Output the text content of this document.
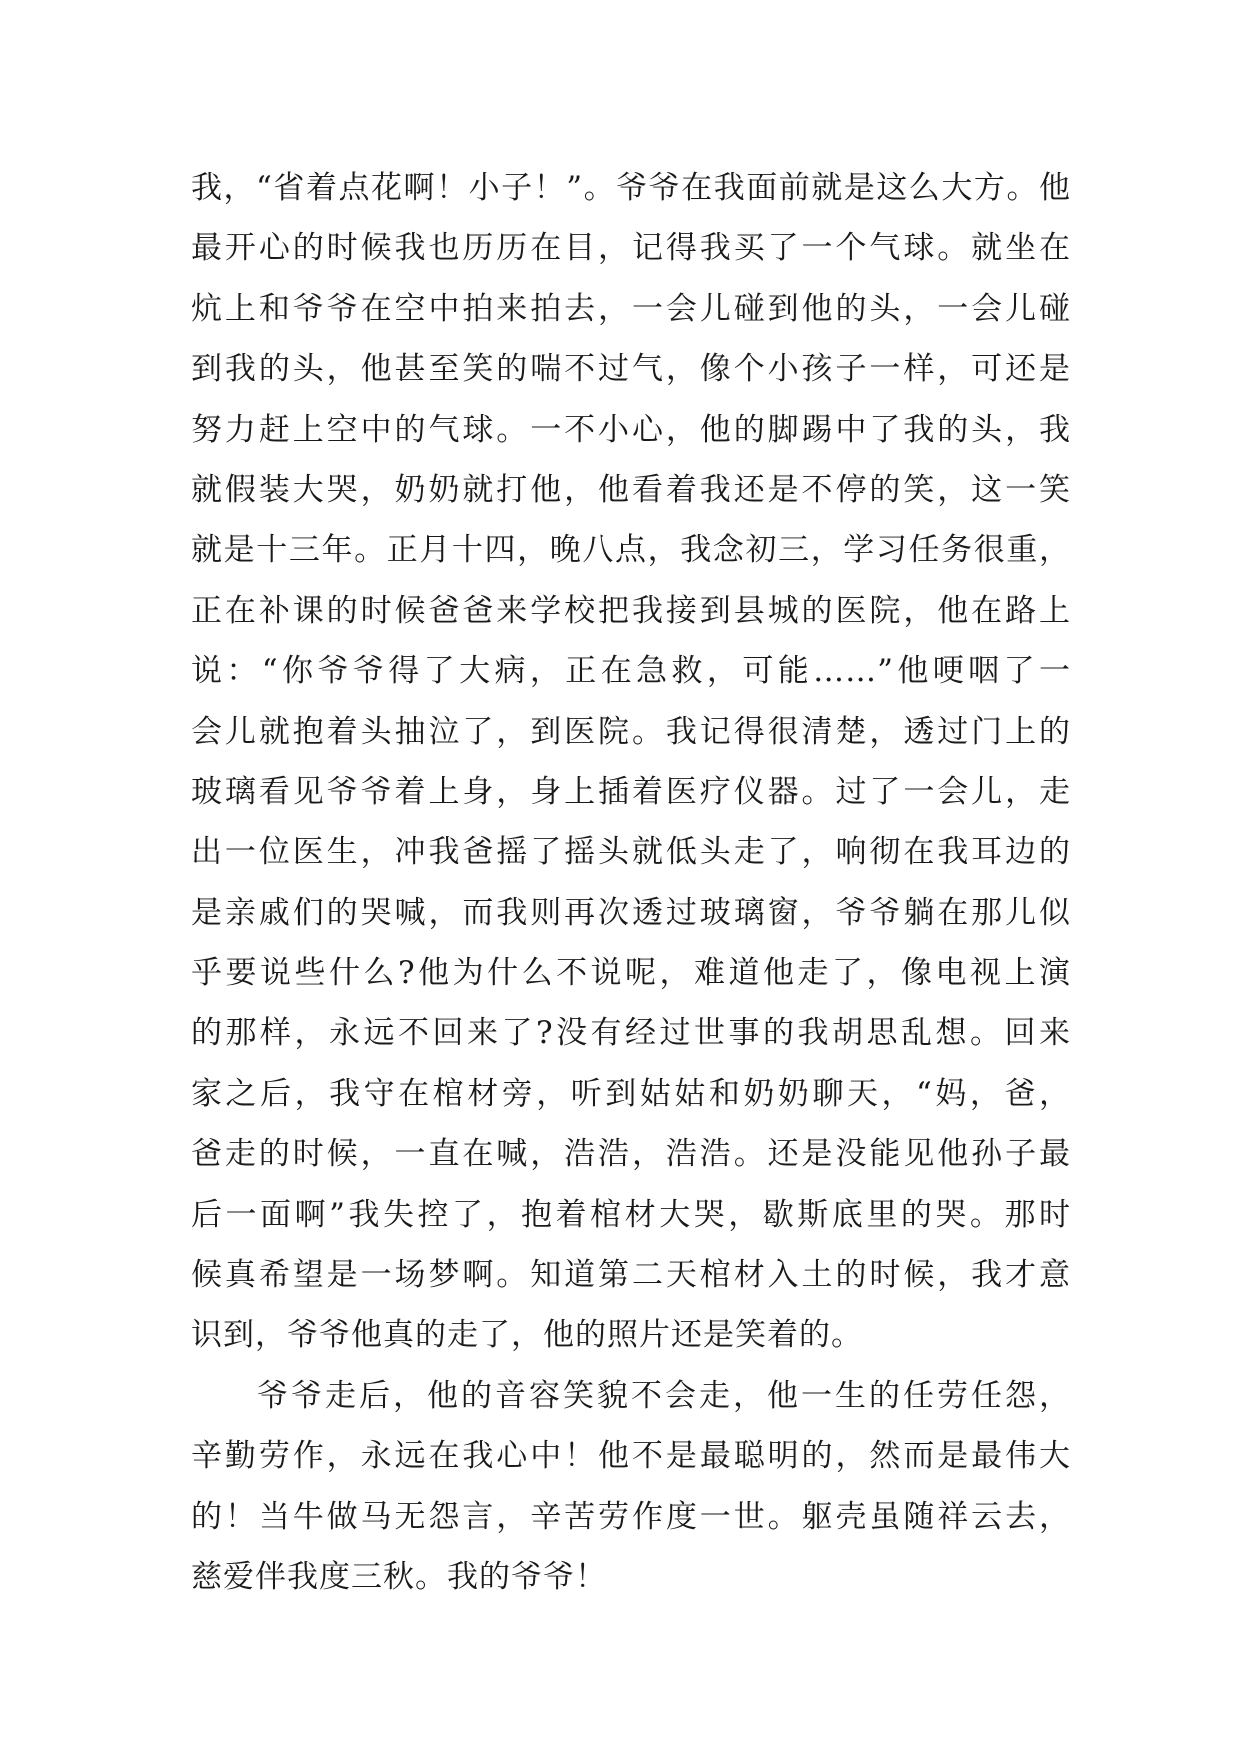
我，“省着点花啊！小子！”。爷爷在我面前就是这么大方。他
最开心的时候我也历历在目，记得我买了一个气球。就坐在
炕上和爷爷在空中拍来拍去，一会儿碰到他的头，一会儿碰
到我的头，他甚至笑的喘不过气，像个小孩子一样，可还是
努力赶上空中的气球。一不小心，他的脚踢中了我的头，我
就假装大哭，奶奶就打他，他看着我还是不停的笑，这一笑
就是十三年。正月十四，晚八点，我念初三，学习任务很重，
正在补课的时候爸爸来学校把我接到县城的医院，他在路上
说：“你爷爷得了大病，正在急救，可能……”他哽咽了一
会儿就抱着头抽泣了，到医院。我记得很清楚，透过门上的
玻璃看见爷爷着上身，身上插着医疗仪器。过了一会儿，走
出一位医生，冲我爸摇了摇头就低头走了，响彻在我耳边的
是亲戚们的哭喊，而我则再次透过玻璃窗，爷爷躺在那儿似
乎要说些什么?他为什么不说呢，难道他走了，像电视上演
的那样，永远不回来了?没有经过世事的我胡思乱想。回来
家之后，我守在棺材旁，听到姑姑和奶奶聊天，“妈，爸，
爸走的时候，一直在喊，浩浩，浩浩。还是没能见他孙子最
后一面啊”我失控了，抱着棺材大哭，歇斯底里的哭。那时
候真希望是一场梦啊。知道第二天棺材入土的时候，我才意
识到，爷爷他真的走了，他的照片还是笑着的。
爷爷走后，他的音容笑貌不会走，他一生的任劳任怨，
辛勤劳作，永远在我心中！他不是最聪明的，然而是最伟大
的！当牛做马无怨言，辛苦劳作度一世。躯壳虽随祥云去，
慈爱伴我度三秋。我的爷爷！
